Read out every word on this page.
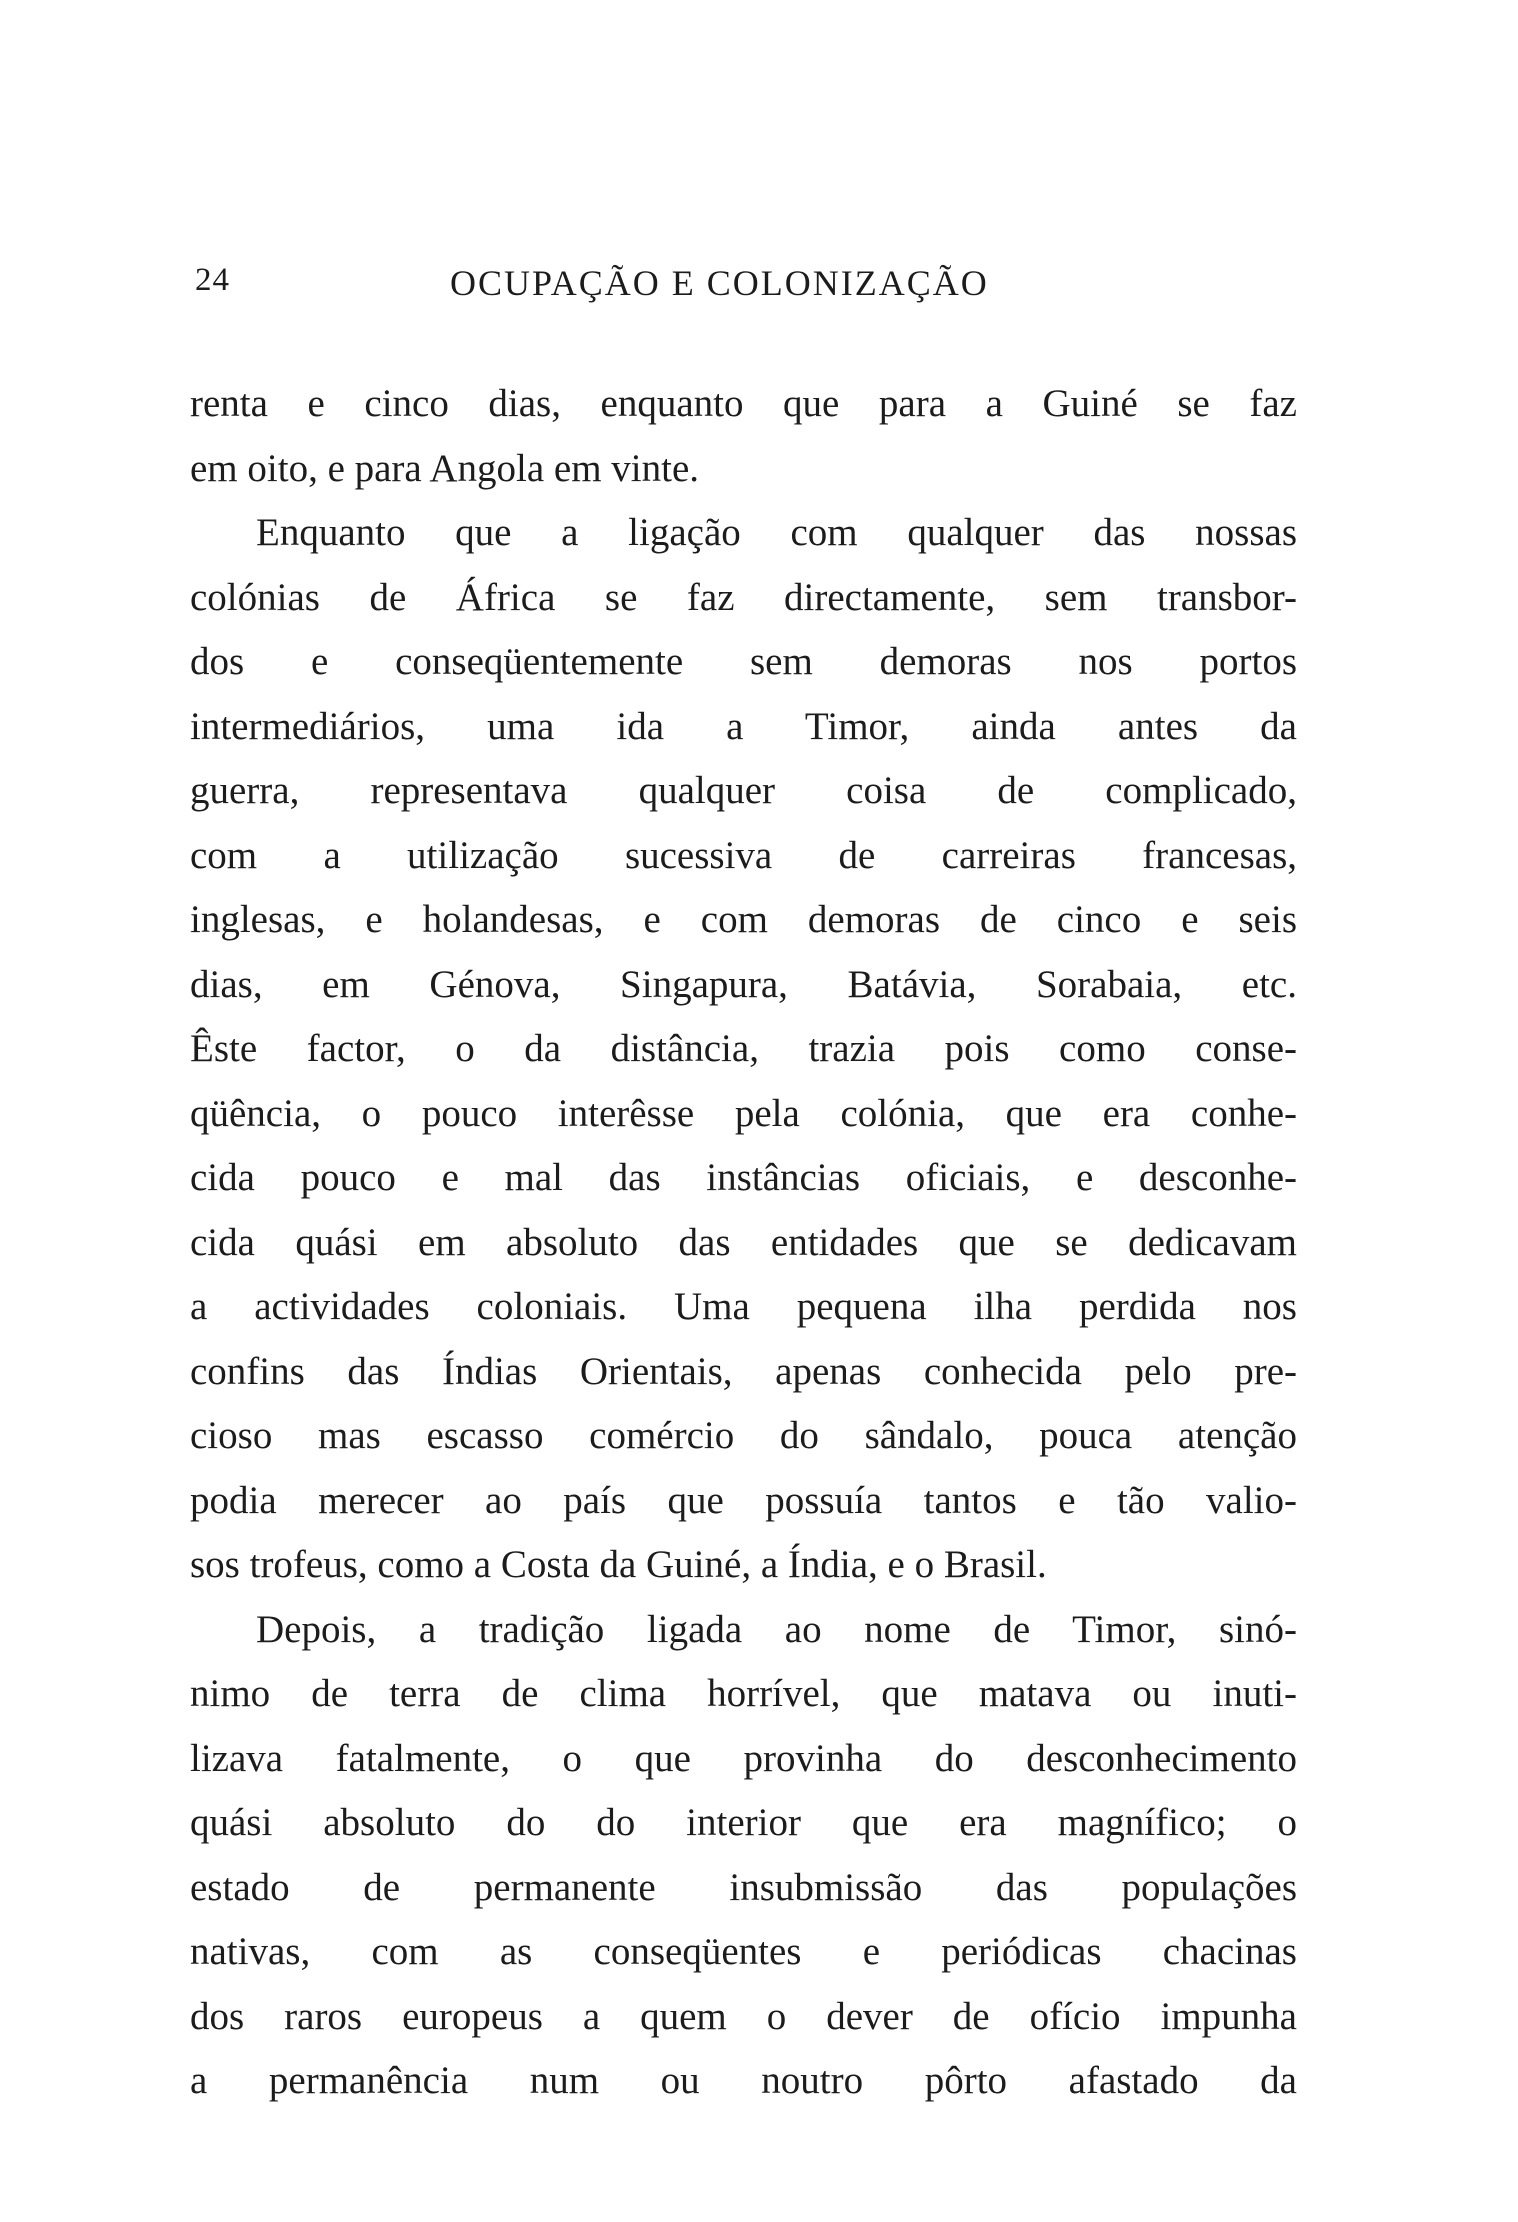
24	OCUPAÇÃO E COLONIZAÇÃO
renta e cinco dias, enquanto que para a Guiné se faz
em oito, e para Angola em vinte.
Enquanto que a ligação com qualquer das nossas
colónias de África se faz directamente, sem transbor-
dos e conseqüentemente sem demoras nos portos
intermediários, uma ida a Timor, ainda antes da
guerra, representava qualquer coisa de complicado,
com a utilização sucessiva de carreiras francesas,
inglesas, e holandesas, e com demoras de cinco e seis
dias, em Génova, Singapura, Batávia, Sorabaia, etc.
Êste factor, o da distância, trazia pois como conse-
qüência, o pouco interêsse pela colónia, que era conhe-
cida pouco e mal das instâncias oficiais, e desconhe-
cida quási em absoluto das entidades que se dedicavam
a actividades coloniais. Uma pequena ilha perdida nos
confins das Índias Orientais, apenas conhecida pelo pre-
cioso mas escasso comércio do sândalo, pouca atenção
podia merecer ao país que possuía tantos e tão valio-
sos trofeus, como a Costa da Guiné, a Índia, e o Brasil.
Depois, a tradição ligada ao nome de Timor, sinó-
nimo de terra de clima horrível, que matava ou inuti-
lizava fatalmente, o que provinha do desconhecimento
quási absoluto do do interior que era magnífico; o
estado de permanente insubmissão das populações
nativas, com as conseqüentes e periódicas chacinas
dos raros europeus a quem o dever de ofício impunha
a permanência num ou noutro pôrto afastado da
